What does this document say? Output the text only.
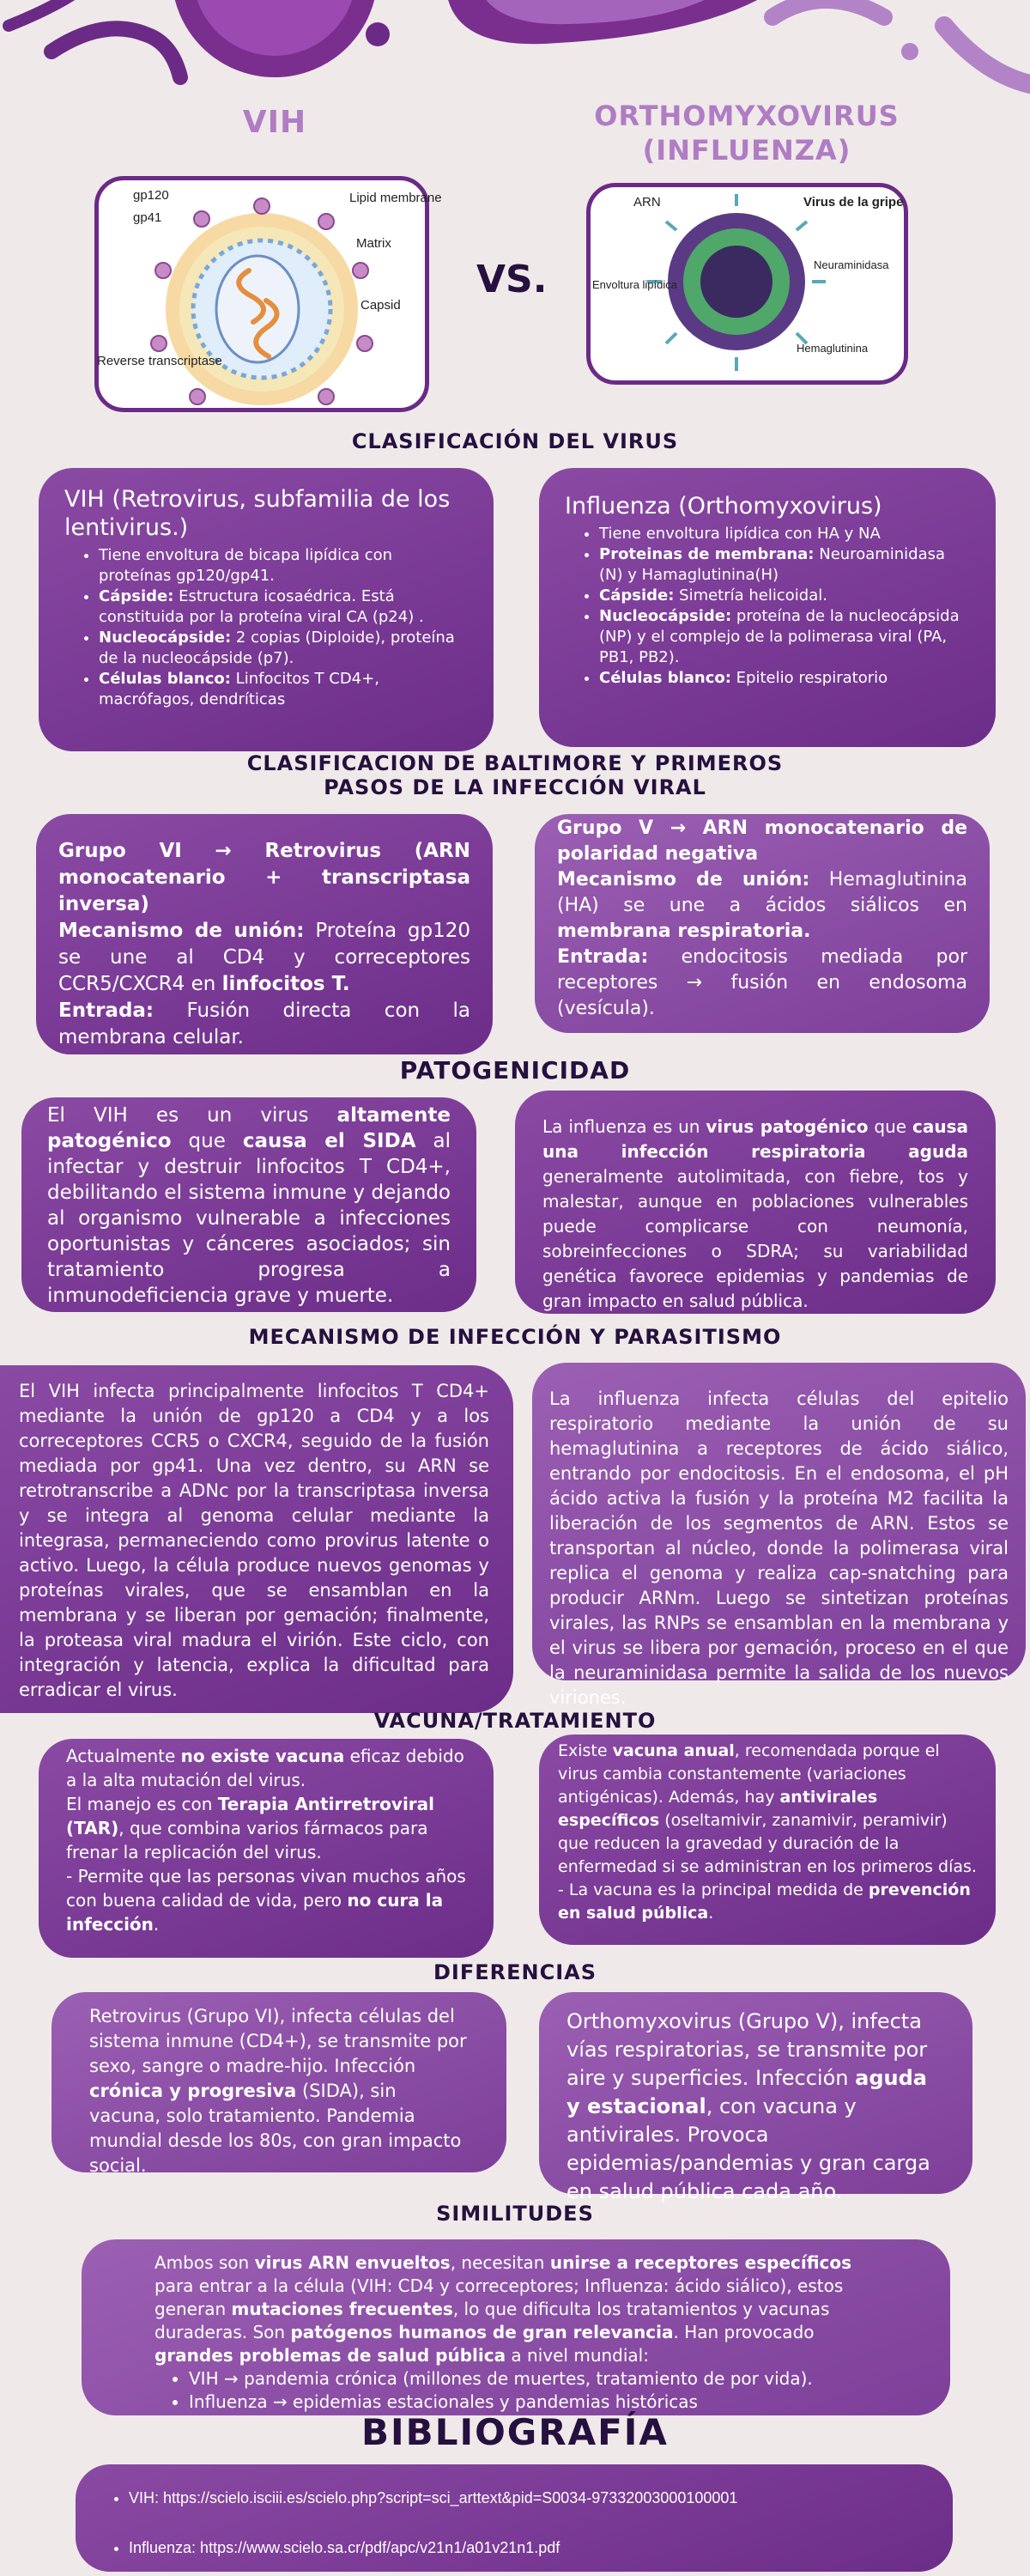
VIH	ORTHOMYXOVIRUS
(INFLUENZA)
gp120
gp41
Lipid membrane
Matrix
Capsid
Reverse transcriptase
VS.
Virus de la gripe
ARN
Envoltura lipídica
Neuraminidasa
Hemaglutinina
CLASIFICACIÓN DEL VIRUS
VIH (Retrovirus, subfamilia de los lentivirus.)
• Tiene envoltura de bicapa lipídica con proteínas gp120/gp41.
• Cápside: Estructura icosaédrica. Está constituida por la proteína viral CA (p24) .
• Nucleocápside: 2 copias (Diploide), proteína de la nucleocápside (p7).
• Células blanco: Linfocitos T CD4+, macrófagos, dendríticas
Influenza (Orthomyxovirus)
• Tiene envoltura lipídica con HA y NA
• Proteinas de membrana: Neuroaminidasa (N) y Hamaglutinina(H)
• Cápside: Simetría helicoidal.
• Nucleocápside: proteína de la nucleocápsida (NP) y el complejo de la polimerasa viral (PA, PB1, PB2).
• Células blanco: Epitelio respiratorio
CLASIFICACION DE BALTIMORE Y PRIMEROS
PASOS DE LA INFECCIÓN VIRAL
Grupo VI → Retrovirus (ARN monocatenario + transcriptasa inversa)
Mecanismo de unión: Proteína gp120 se une al CD4 y correceptores CCR5/CXCR4 en linfocitos T.
Entrada: Fusión directa con la membrana celular.
Grupo V → ARN monocatenario de polaridad negativa
Mecanismo de unión: Hemaglutinina (HA) se une a ácidos siálicos en membrana respiratoria.
Entrada: endocitosis mediada por receptores → fusión en endosoma (vesícula).
PATOGENICIDAD
El VIH es un virus altamente patogénico que causa el SIDA al infectar y destruir linfocitos T CD4+, debilitando el sistema inmune y dejando al organismo vulnerable a infecciones oportunistas y cánceres asociados; sin tratamiento progresa a inmunodeficiencia grave y muerte.
La influenza es un virus patogénico que causa una infección respiratoria aguda generalmente autolimitada, con fiebre, tos y malestar, aunque en poblaciones vulnerables puede complicarse con neumonía, sobreinfecciones o SDRA; su variabilidad genética favorece epidemias y pandemias de gran impacto en salud pública.
MECANISMO DE INFECCIÓN Y PARASITISMO
El VIH infecta principalmente linfocitos T CD4+ mediante la unión de gp120 a CD4 y a los correceptores CCR5 o CXCR4, seguido de la fusión mediada por gp41. Una vez dentro, su ARN se retrotranscribe a ADNc por la transcriptasa inversa y se integra al genoma celular mediante la integrasa, permaneciendo como provirus latente o activo. Luego, la célula produce nuevos genomas y proteínas virales, que se ensamblan en la membrana y se liberan por gemación; finalmente, la proteasa viral madura el virión. Este ciclo, con integración y latencia, explica la dificultad para erradicar el virus.
La influenza infecta células del epitelio respiratorio mediante la unión de su hemaglutinina a receptores de ácido siálico, entrando por endocitosis. En el endosoma, el pH ácido activa la fusión y la proteína M2 facilita la liberación de los segmentos de ARN. Estos se transportan al núcleo, donde la polimerasa viral replica el genoma y realiza cap-snatching para producir ARNm. Luego se sintetizan proteínas virales, las RNPs se ensamblan en la membrana y el virus se libera por gemación, proceso en el que la neuraminidasa permite la salida de los nuevos viriones.
VACUNA/TRATAMIENTO
Actualmente no existe vacuna eficaz debido a la alta mutación del virus.
El manejo es con Terapia Antirretroviral (TAR), que combina varios fármacos para frenar la replicación del virus.
- Permite que las personas vivan muchos años con buena calidad de vida, pero no cura la infección.
Existe vacuna anual, recomendada porque el virus cambia constantemente (variaciones antigénicas). Además, hay antivirales específicos (oseltamivir, zanamivir, peramivir) que reducen la gravedad y duración de la enfermedad si se administran en los primeros días.
- La vacuna es la principal medida de prevención en salud pública.
DIFERENCIAS
Retrovirus (Grupo VI), infecta células del sistema inmune (CD4+), se transmite por sexo, sangre o madre-hijo. Infección crónica y progresiva (SIDA), sin vacuna, solo tratamiento. Pandemia mundial desde los 80s, con gran impacto social.
Orthomyxovirus (Grupo V), infecta vías respiratorias, se transmite por aire y superficies. Infección aguda y estacional, con vacuna y antivirales. Provoca epidemias/pandemias y gran carga en salud pública cada año.
SIMILITUDES
Ambos son virus ARN envueltos, necesitan unirse a receptores específicos para entrar a la célula (VIH: CD4 y correceptores; Influenza: ácido siálico), estos generan mutaciones frecuentes, lo que dificulta los tratamientos y vacunas duraderas. Son patógenos humanos de gran relevancia. Han provocado grandes problemas de salud pública a nivel mundial:
• VIH → pandemia crónica (millones de muertes, tratamiento de por vida).
• Influenza → epidemias estacionales y pandemias históricas
BIBLIOGRAFÍA
• VIH: https://scielo.isciii.es/scielo.php?script=sci_arttext&pid=S0034-97332003000100001
• Influenza: https://www.scielo.sa.cr/pdf/apc/v21n1/a01v21n1.pdf
